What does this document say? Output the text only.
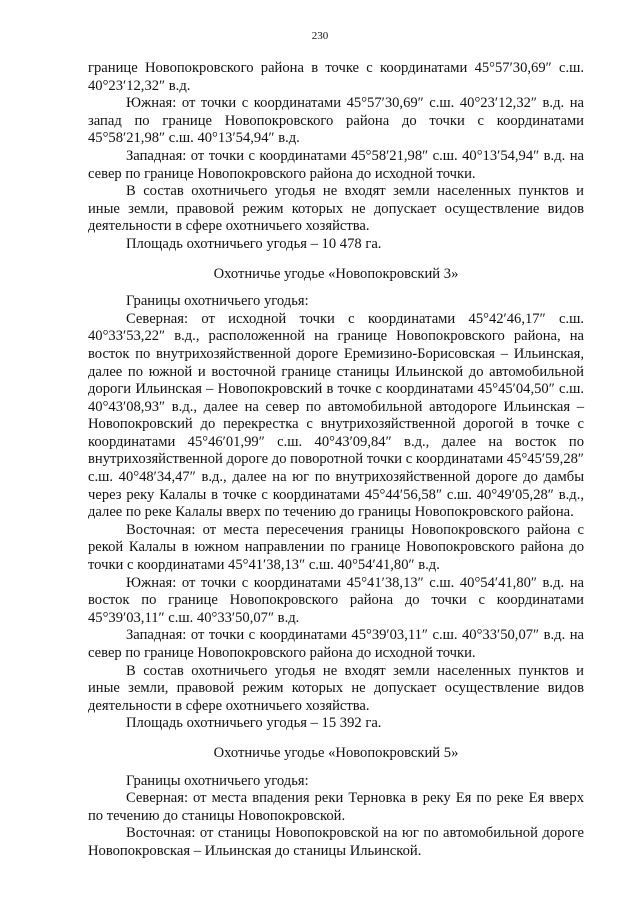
230

границе Новопокровского района в точке с координатами 45°57′30,69″ с.ш. 40°23′12,32″ в.д.

Южная: от точки с координатами 45°57′30,69″ с.ш. 40°23′12,32″ в.д. на запад по границе Новопокровского района до точки с координатами 45°58′21,98″ с.ш. 40°13′54,94″ в.д.

Западная: от точки с координатами 45°58′21,98″ с.ш. 40°13′54,94″ в.д. на север по границе Новопокровского района до исходной точки.

В состав охотничьего угодья не входят земли населенных пунктов и иные земли, правовой режим которых не допускает осуществление видов деятельности в сфере охотничьего хозяйства.

Площадь охотничьего угодья – 10 478 га.

Охотничье угодье «Новопокровский 3»

Границы охотничьего угодья:

Северная: от исходной точки с координатами 45°42′46,17″ с.ш. 40°33′53,22″ в.д., расположенной на границе Новопокровского района, на восток по внутрихозяйственной дороге Еремизино-Борисовская – Ильинская, далее по южной и восточной границе станицы Ильинской до автомобильной дороги Ильинская – Новопокровский в точке с координатами 45°45′04,50″ с.ш. 40°43′08,93″ в.д., далее на север по автомобильной автодороге Ильинская – Новопокровский до перекрестка с внутрихозяйственной дорогой в точке с координатами 45°46′01,99″ с.ш. 40°43′09,84″ в.д., далее на восток по внутрихозяйственной дороге до поворотной точки с координатами 45°45′59,28″ с.ш. 40°48′34,47″ в.д., далее на юг по внутрихозяйственной дороге до дамбы через реку Калалы в точке с координатами 45°44′56,58″ с.ш. 40°49′05,28″ в.д., далее по реке Калалы вверх по течению до границы Новопокровского района.

Восточная: от места пересечения границы Новопокровского района с рекой Калалы в южном направлении по границе Новопокровского района до точки с координатами 45°41′38,13″ с.ш. 40°54′41,80″ в.д.

Южная: от точки с координатами 45°41′38,13″ с.ш. 40°54′41,80″ в.д. на восток по границе Новопокровского района до точки с координатами 45°39′03,11″ с.ш. 40°33′50,07″ в.д.

Западная: от точки с координатами 45°39′03,11″ с.ш. 40°33′50,07″ в.д. на север по границе Новопокровского района до исходной точки.

В состав охотничьего угодья не входят земли населенных пунктов и иные земли, правовой режим которых не допускает осуществление видов деятельности в сфере охотничьего хозяйства.

Площадь охотничьего угодья – 15 392 га.

Охотничье угодье «Новопокровский 5»

Границы охотничьего угодья:

Северная: от места впадения реки Терновка в реку Ея по реке Ея вверх по течению до станицы Новопокровской.

Восточная: от станицы Новопокровской на юг по автомобильной дороге Новопокровская – Ильинская до станицы Ильинской.
